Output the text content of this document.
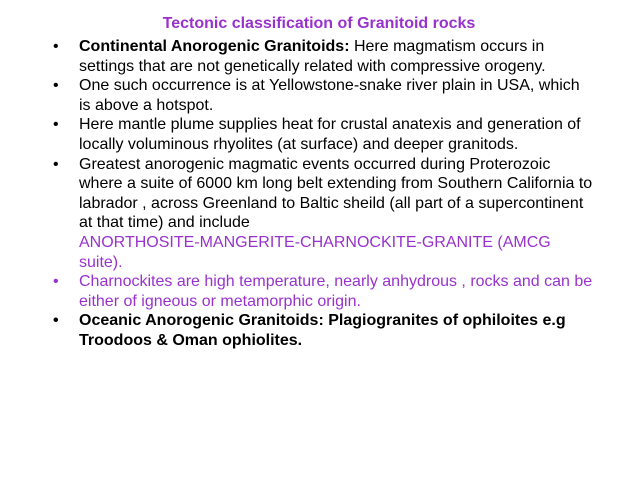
Tectonic classification of Granitoid rocks
• Continental Anorogenic Granitoids: Here magmatism occurs in settings that are not genetically related with compressive orogeny.
• One such occurrence is at Yellowstone-snake river plain in USA, which is above a hotspot.
• Here mantle plume supplies heat for crustal anatexis and generation of locally voluminous rhyolites (at surface) and deeper granitods.
• Greatest anorogenic magmatic events occurred during Proterozoic where a suite of 6000 km long belt extending from Southern California to labrador , across Greenland to Baltic sheild (all part of a supercontinent at that time) and include
ANORTHOSITE-MANGERITE-CHARNOCKITE-GRANITE (AMCG suite).
• Charnockites are high temperature, nearly anhydrous , rocks and can be either of igneous or metamorphic origin.
• Oceanic Anorogenic Granitoids: Plagiogranites of ophiloites e.g Troodoos & Oman ophiolites.
